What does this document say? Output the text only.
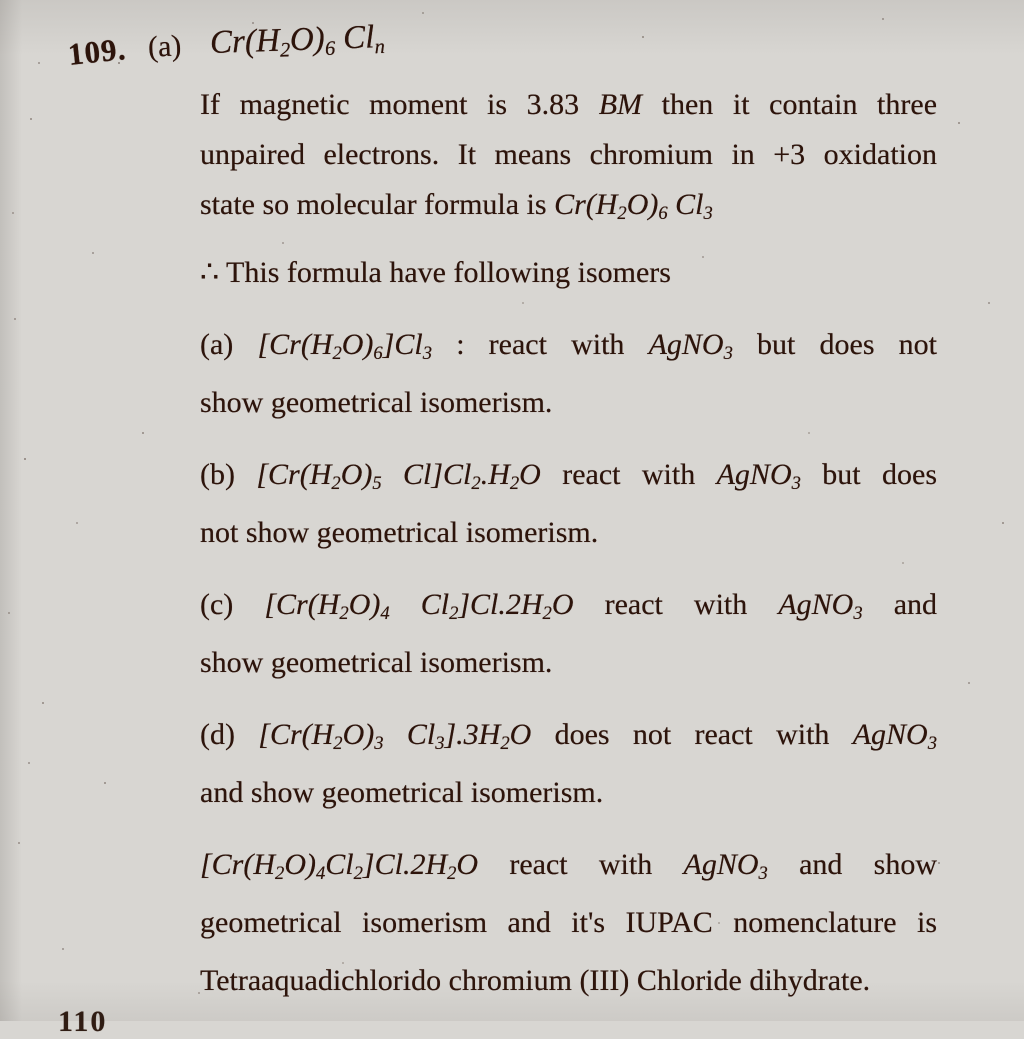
109. (a) $Cr(H_2O)_6$ $Cl_n$
If magnetic moment is 3.83 BM then it contain three
unpaired electrons. It means chromium in +3 oxidation
state so molecular formula is $Cr(H_2O)_6$ $Cl_3$
∴ This formula have following isomers
(a) $[Cr(H_2O)_6]Cl_3$ : react with AgNO$_3$ but does not
show geometrical isomerism.
(b) [$Cr(H_2O)_5$ $Cl]Cl_2.H_2O$ react with AgNO$_3$ but does
not show geometrical isomerism.
(c) [$Cr(H_2O)_4$ $Cl_2]Cl.2H_2O$ react with AgNO$_3$ and
show geometrical isomerism.
(d) [$Cr(H_2O)_3$ $Cl_3].3H_2O$ does not react with AgNO$_3$
and show geometrical isomerism.
$[Cr(H_2O)_4Cl_2]Cl.2H_2O$ react with AgNO$_3$ and show
geometrical isomerism and it's IUPAC nomenclature is
Tetraaquadichlorido chromium (III) Chloride dihydrate.
110
